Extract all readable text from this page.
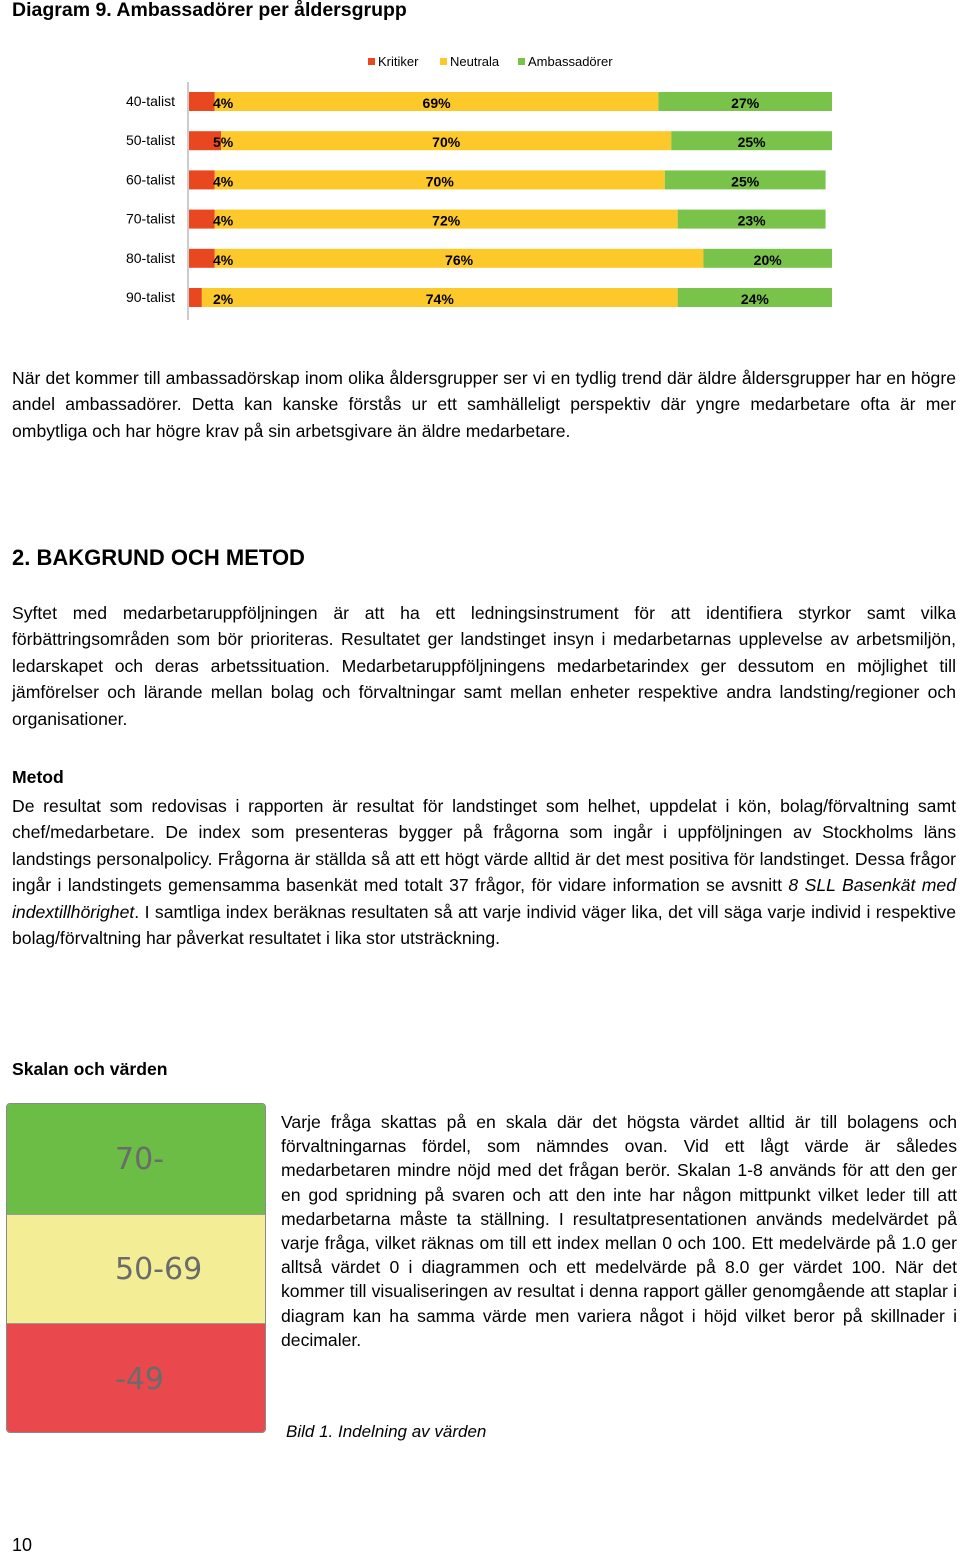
Diagram 9. Ambassadörer per åldersgrupp
Kritiker Neutrala Ambassadörer
40-talist	4%	69%	27%
50-talist	5%	70%	25%
60-talist	4%	70%	25%
70-talist	4%	72%	23%
80-talist	4%	76%	20%
90-talist	2%	74%	24%
När det kommer till ambassadörskap inom olika åldersgrupper ser vi en tydlig trend där äldre åldersgrupper har en högre andel ambassadörer. Detta kan kanske förstås ur ett samhälleligt perspektiv där yngre medarbetare ofta är mer ombytliga och har högre krav på sin arbetsgivare än äldre medarbetare.
2. BAKGRUND OCH METOD
Syftet med medarbetaruppföljningen är att ha ett ledningsinstrument för att identifiera styrkor samt vilka förbättringsområden som bör prioriteras. Resultatet ger landstinget insyn i medarbetarnas upplevelse av arbetsmiljön, ledarskapet och deras arbetssituation. Medarbetaruppföljningens medarbetarindex ger dessutom en möjlighet till jämförelser och lärande mellan bolag och förvaltningar samt mellan enheter respektive andra landsting/regioner och organisationer.
Metod
De resultat som redovisas i rapporten är resultat för landstinget som helhet, uppdelat i kön, bolag/förvaltning samt chef/medarbetare. De index som presenteras bygger på frågorna som ingår i uppföljningen av Stockholms läns landstings personalpolicy. Frågorna är ställda så att ett högt värde alltid är det mest positiva för landstinget. Dessa frågor ingår i landstingets gemensamma basenkät med totalt 37 frågor, för vidare information se avsnitt 8 SLL Basenkät med indextillhörighet. I samtliga index beräknas resultaten så att varje individ väger lika, det vill säga varje individ i respektive bolag/förvaltning har påverkat resultatet i lika stor utsträckning.
Skalan och värden
70-
50-69
-49
Varje fråga skattas på en skala där det högsta värdet alltid är till bolagens och förvaltningarnas fördel, som nämndes ovan. Vid ett lågt värde är således medarbetaren mindre nöjd med det frågan berör. Skalan 1-8 används för att den ger en god spridning på svaren och att den inte har någon mittpunkt vilket leder till att medarbetarna måste ta ställning. I resultatpresentationen används medelvärdet på varje fråga, vilket räknas om till ett index mellan 0 och 100. Ett medelvärde på 1.0 ger alltså värdet 0 i diagrammen och ett medelvärde på 8.0 ger värdet 100. När det kommer till visualiseringen av resultat i denna rapport gäller genomgående att staplar i diagram kan ha samma värde men variera något i höjd vilket beror på skillnader i decimaler.
Bild 1. Indelning av värden
10
